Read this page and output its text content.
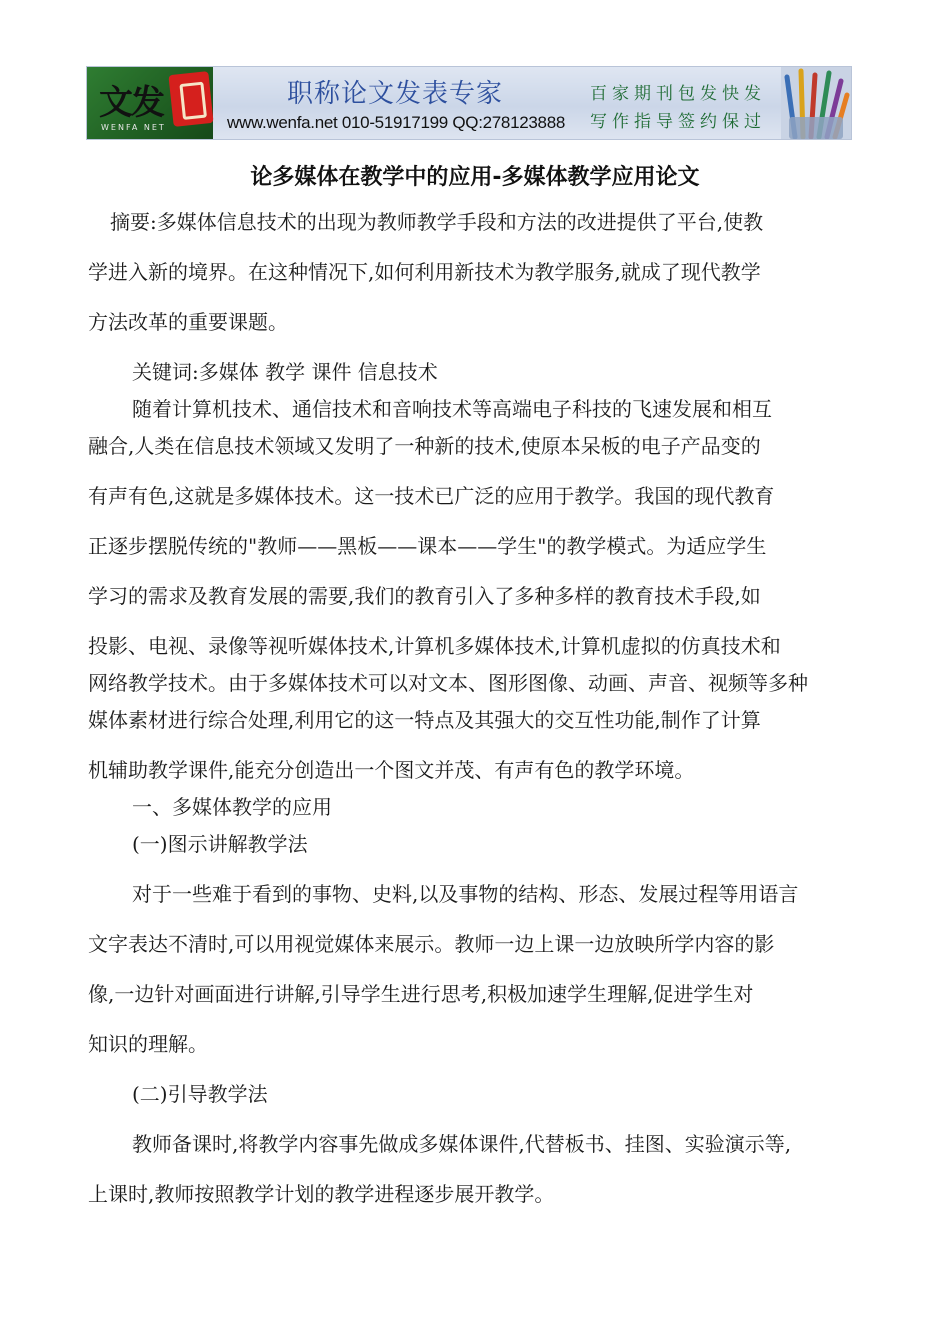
文发
WENFA NET
职称论文发表专家
www.wenfa.net 010-51917199 QQ:278123888
百家期刊包发快发
写作指导签约保过
论多媒体在教学中的应用-多媒体教学应用论文

摘要:多媒体信息技术的出现为教师教学手段和方法的改进提供了平台,使教

学进入新的境界。在这种情况下,如何利用新技术为教学服务,就成了现代教学

方法改革的重要课题。

关键词:多媒体 教学 课件 信息技术

随着计算机技术、通信技术和音响技术等高端电子科技的飞速发展和相互

融合,人类在信息技术领域又发明了一种新的技术,使原本呆板的电子产品变的

有声有色,这就是多媒体技术。这一技术已广泛的应用于教学。我国的现代教育

正逐步摆脱传统的"教师——黑板——课本——学生"的教学模式。为适应学生

学习的需求及教育发展的需要,我们的教育引入了多种多样的教育技术手段,如

投影、电视、录像等视听媒体技术,计算机多媒体技术,计算机虚拟的仿真技术和

网络教学技术。由于多媒体技术可以对文本、图形图像、动画、声音、视频等多种

媒体素材进行综合处理,利用它的这一特点及其强大的交互性功能,制作了计算

机辅助教学课件,能充分创造出一个图文并茂、有声有色的教学环境。

一、多媒体教学的应用

(一)图示讲解教学法

对于一些难于看到的事物、史料,以及事物的结构、形态、发展过程等用语言

文字表达不清时,可以用视觉媒体来展示。教师一边上课一边放映所学内容的影

像,一边针对画面进行讲解,引导学生进行思考,积极加速学生理解,促进学生对

知识的理解。

(二)引导教学法

教师备课时,将教学内容事先做成多媒体课件,代替板书、挂图、实验演示等,

上课时,教师按照教学计划的教学进程逐步展开教学。
